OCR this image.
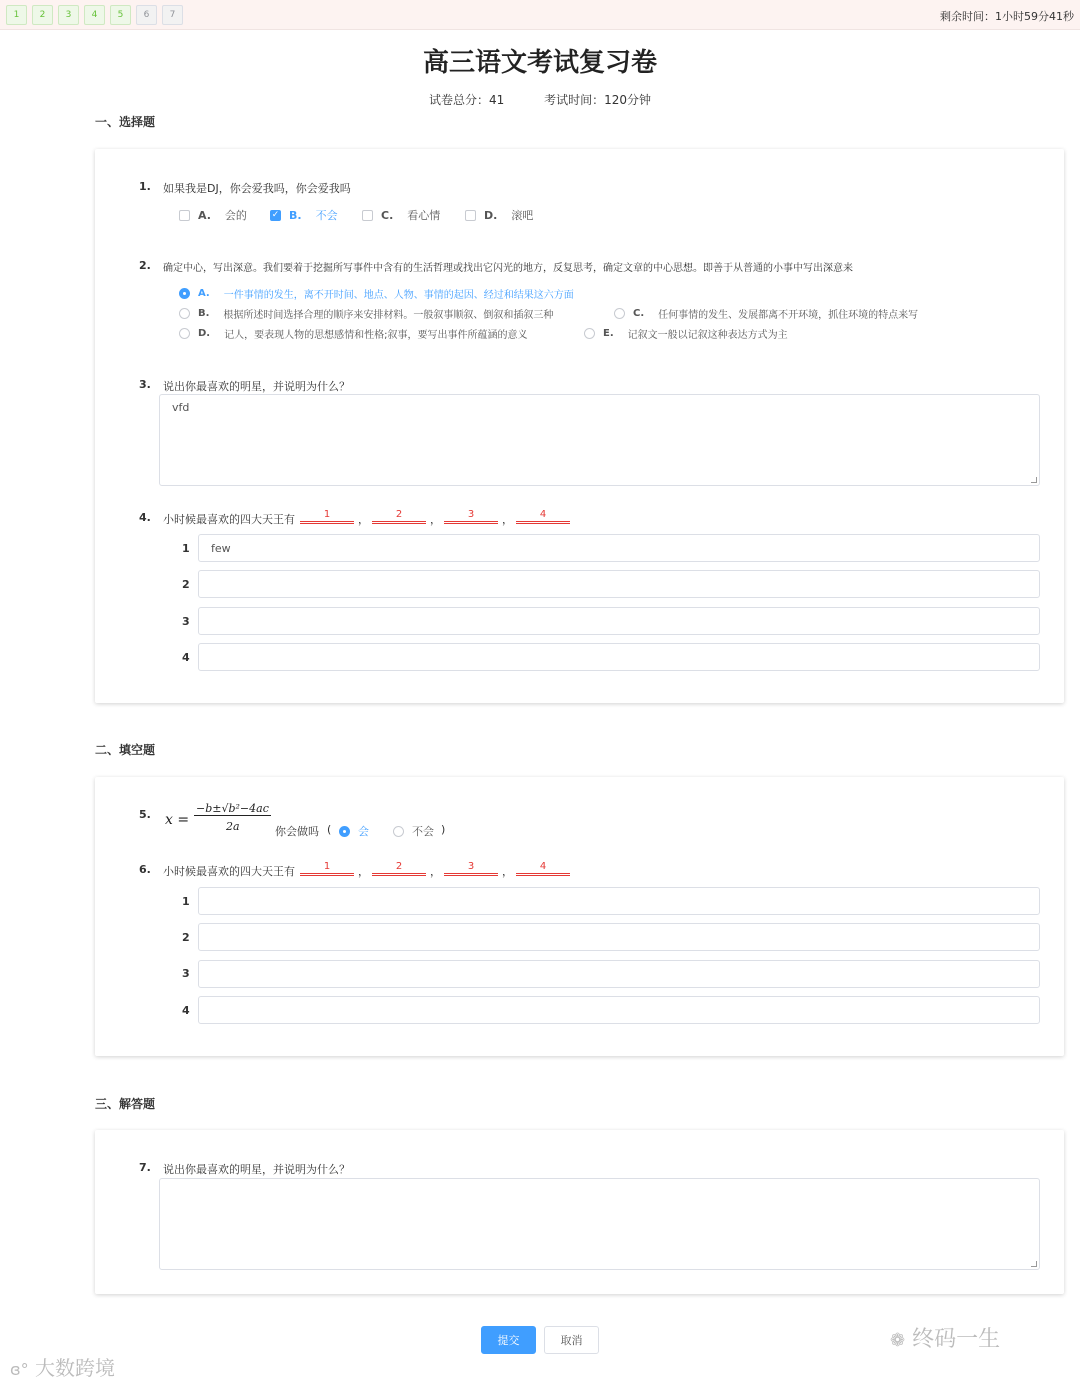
1	2	3	4	5	6	7	剩余时间：1小时59分41秒
高三语文考试复习卷
试卷总分：41	考试时间：120分钟
一、选择题
1. 如果我是DJ，你会爱我吗，你会爱我吗
A. 会的	✓ B. 不会	C. 看心情	D. 滚吧
2. 确定中心，写出深意。我们要着于挖掘所写事件中含有的生活哲理或找出它闪光的地方，反复思考，确定文章的中心思想。即善于从普通的小事中写出深意来
A. 一件事情的发生，离不开时间、地点、人物、事情的起因、经过和结果这六方面
B. 根据所述时间选择合理的顺序来安排材料。一般叙事顺叙、倒叙和插叙三种	C. 任何事情的发生、发展都离不开环境，抓住环境的特点来写
D. 记人，要表现人物的思想感情和性格;叙事，要写出事件所蕴涵的意义	E. 记叙文一般以记叙这种表达方式为主
3. 说出你最喜欢的明星，并说明为什么？
vfd
4. 小时候最喜欢的四大天王有	1	，	2	，	3	，	4
1 few
2
3
4
二、填空题
5. x =
−b±√b²−4ac
2a	你会做吗 ( 会	不会 )
6. 小时候最喜欢的四大天王有	1	，	2	，	3	，	4
1
2
3
4
三、解答题
7. 说出你最喜欢的明星，并说明为什么？
提交	取消
ɞ° 大数跨境
❁ 终码一生
